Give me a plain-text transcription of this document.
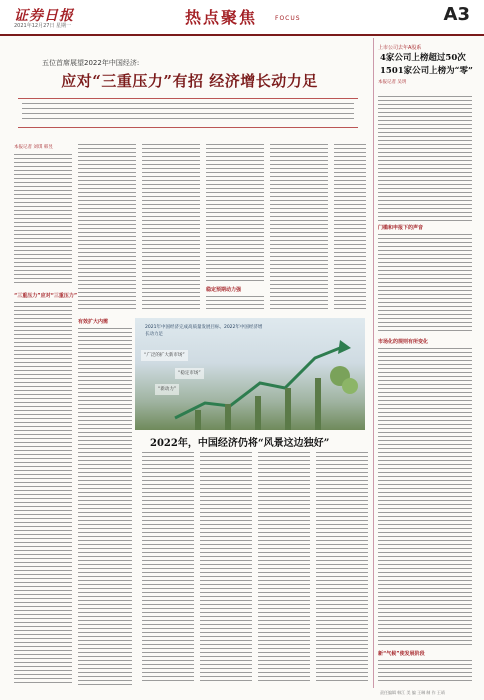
证券日报
2021年12月27日 星期一	热点聚焦	FOCUS	A3
五位首席展望2022年中国经济:
应对“三重压力”有招 经济增长动力足
本报记者 刘琪 韩昱
“三重压力”应对“三重压力”
有效扩大内需
稳定预期动力强
2021年中国经济完成高质量发展目标、2022年中国经济增长动力足
“广泛的扩大新市场”
“稳定市场”
“新动力”
2022年，中国经济仍将“风景这边独好”
上市公司去年A股系
4家公司上榜超过50次
1501家公司上榜为“零”
本报记者 吴玥
门槛和申报下的声音
市场化的规则有所变化
新“气候”使发展阶段
责任编辑 韩江 美 编 王琳 制 作 王靖
